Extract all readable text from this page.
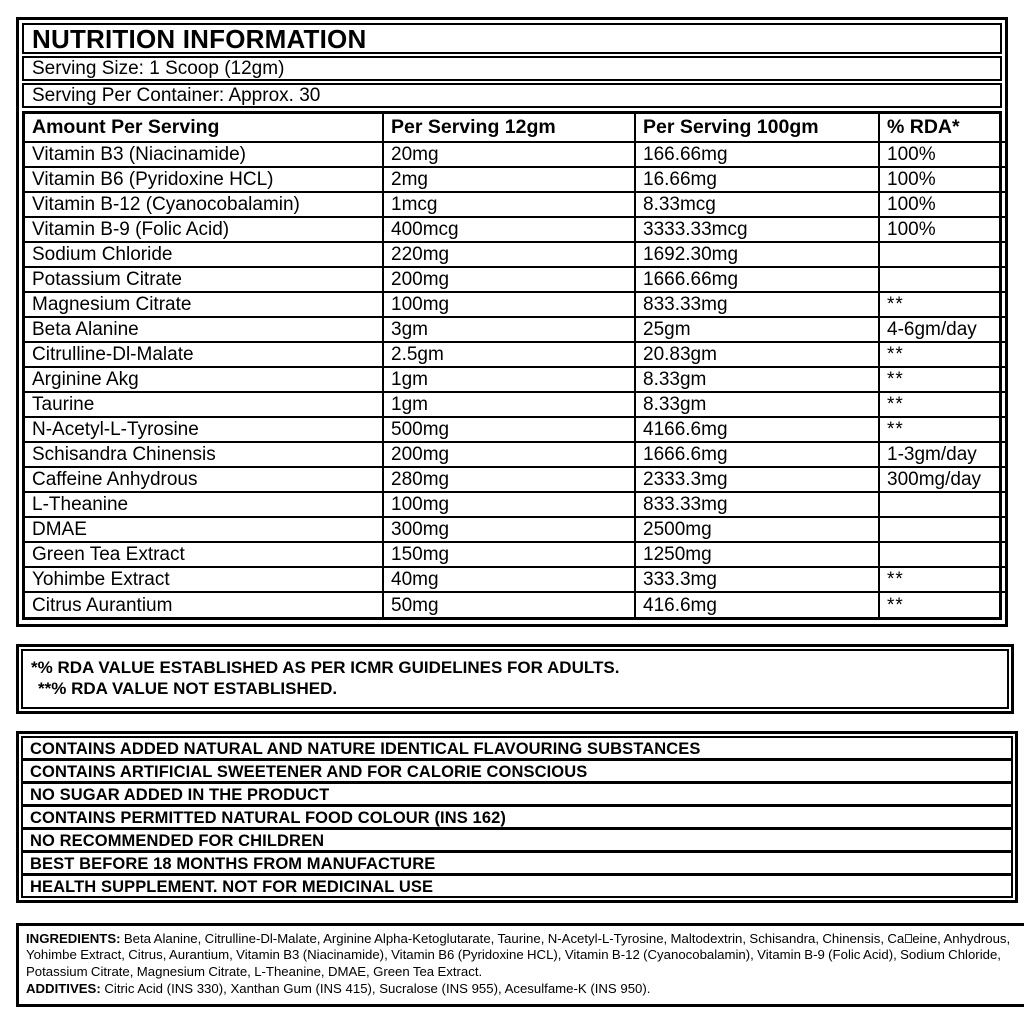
NUTRITION INFORMATION
Serving Size: 1 Scoop (12gm)
Serving Per Container: Approx. 30
Amount Per Serving	Per Serving 12gm	Per Serving 100gm	% RDA*
Vitamin B3 (Niacinamide)	20mg	166.66mg	100%
Vitamin B6 (Pyridoxine HCL)	2mg	16.66mg	100%
Vitamin B-12 (Cyanocobalamin)	1mcg	8.33mcg	100%
Vitamin B-9 (Folic Acid)	400mcg	3333.33mcg	100%
Sodium Chloride	220mg	1692.30mg	
Potassium Citrate	200mg	1666.66mg	
Magnesium Citrate	100mg	833.33mg	**
Beta Alanine	3gm	25gm	4-6gm/day
Citrulline-Dl-Malate	2.5gm	20.83gm	**
Arginine Akg	1gm	8.33gm	**
Taurine	1gm	8.33gm	**
N-Acetyl-L-Tyrosine	500mg	4166.6mg	**
Schisandra Chinensis	200mg	1666.6mg	1-3gm/day
Caffeine Anhydrous	280mg	2333.3mg	300mg/day
L-Theanine	100mg	833.33mg	
DMAE	300mg	2500mg	
Green Tea Extract	150mg	1250mg	
Yohimbe Extract	40mg	333.3mg	**
Citrus Aurantium	50mg	416.6mg	**
*% RDA VALUE ESTABLISHED AS PER ICMR GUIDELINES FOR ADULTS.
**% RDA VALUE NOT ESTABLISHED.
CONTAINS ADDED NATURAL AND NATURE IDENTICAL FLAVOURING SUBSTANCES
CONTAINS ARTIFICIAL SWEETENER AND FOR CALORIE CONSCIOUS
NO SUGAR ADDED IN THE PRODUCT
CONTAINS PERMITTED NATURAL FOOD COLOUR (INS 162)
NO RECOMMENDED FOR CHILDREN
BEST BEFORE 18 MONTHS FROM MANUFACTURE
HEALTH SUPPLEMENT. NOT FOR MEDICINAL USE
INGREDIENTS: Beta Alanine, Citrulline-Dl-Malate, Arginine Alpha-Ketoglutarate, Taurine, N-Acetyl-L-Tyrosine, Maltodextrin, Schisandra, Chinensis, Ca eine, Anhydrous, Yohimbe Extract, Citrus, Aurantium, Vitamin B3 (Niacinamide), Vitamin B6 (Pyridoxine HCL), Vitamin B-12 (Cyanocobalamin), Vitamin B-9 (Folic Acid), Sodium Chloride, Potassium Citrate, Magnesium Citrate, L-Theanine, DMAE, Green Tea Extract.
ADDITIVES: Citric Acid (INS 330), Xanthan Gum (INS 415), Sucralose (INS 955), Acesulfame-K (INS 950).
